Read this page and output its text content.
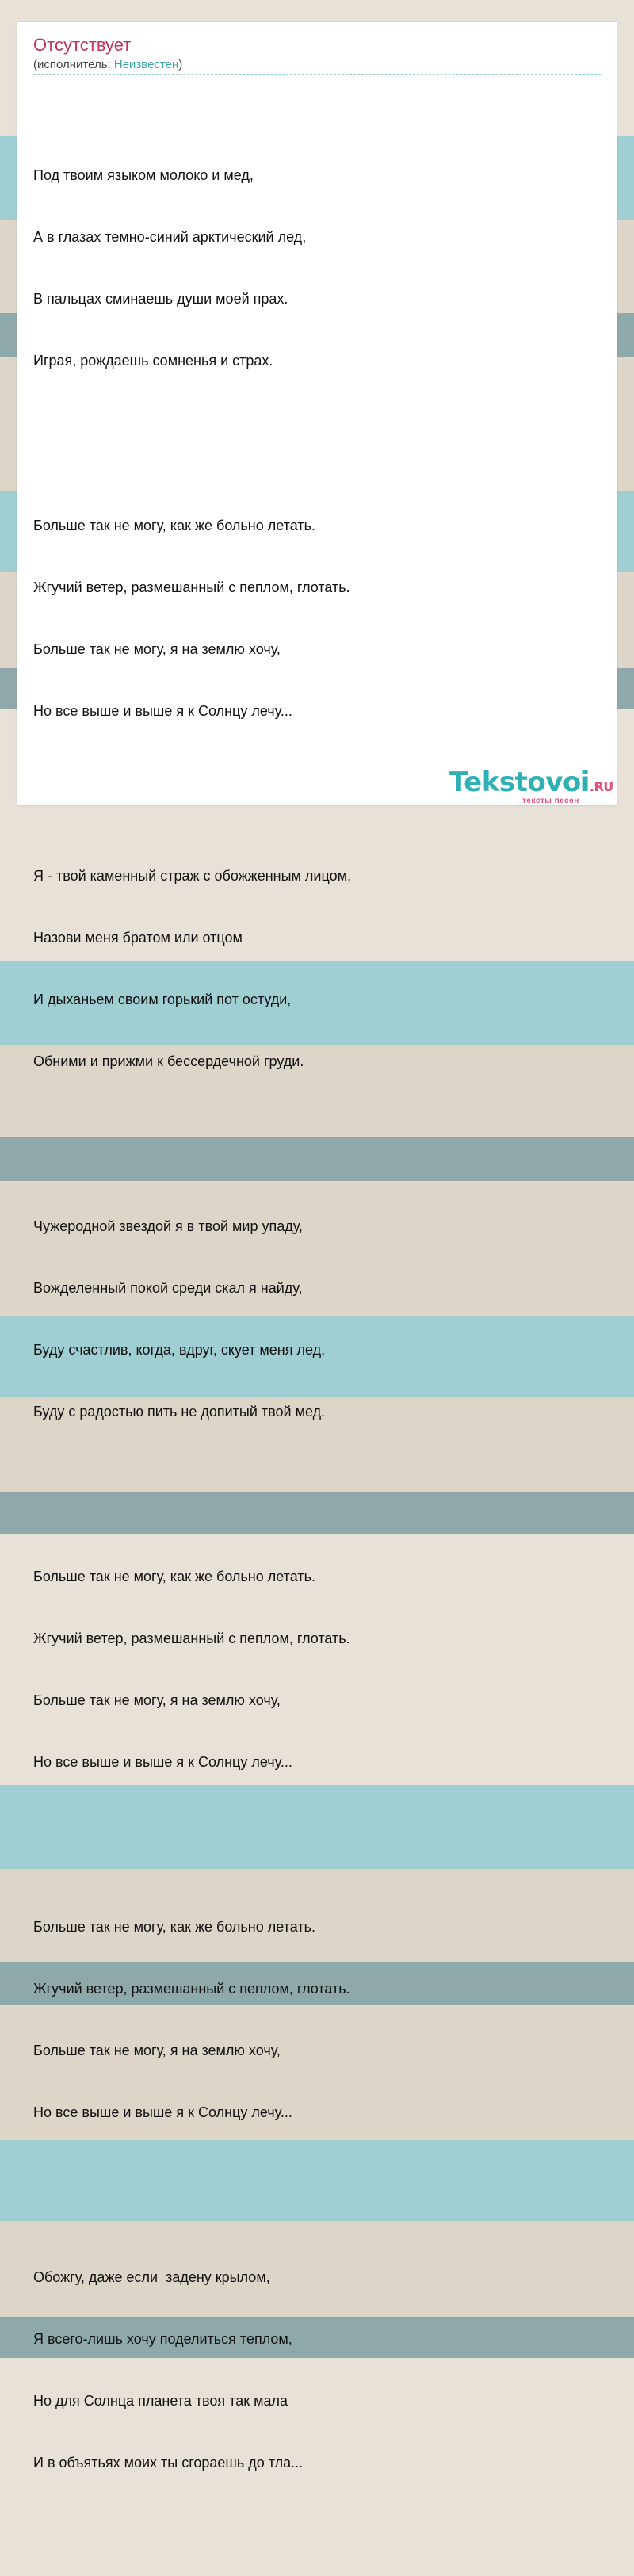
Отсутствует
(исполнитель: Неизвестен)

Под твоим языком молоко и мед,

А в глазах темно-синий арктический лед,

В пальцах сминаешь души моей прах.

Играя, рождаешь сомненья и страх.

Больше так не могу, как же больно летать.

Жгучий ветер, размешанный с пеплом, глотать.

Больше так не могу, я на землю хочу,

Но все выше и выше я к Солнцу лечу...

Я - твой каменный страж с обожженным лицом,

Назови меня братом или отцом

И дыханьем своим горький пот остуди,

Обними и прижми к бессердечной груди.

Чужеродной звездой я в твой мир упаду,

Вожделенный покой среди скал я найду,

Буду счастлив, когда, вдруг, скует меня лед,

Буду с радостью пить не допитый твой мед.

Больше так не могу, как же больно летать.

Жгучий ветер, размешанный с пеплом, глотать.

Больше так не могу, я на землю хочу,

Но все выше и выше я к Солнцу лечу...

Больше так не могу, как же больно летать.

Жгучий ветер, размешанный с пеплом, глотать.

Больше так не могу, я на землю хочу,

Но все выше и выше я к Солнцу лечу...

Обожгу, даже если  задену крылом,

Я всего-лишь хочу поделиться теплом,

Но для Солнца планета твоя так мала

И в объятьях моих ты сгораешь до тла...

Tekstovoi.RU
тексты песен
